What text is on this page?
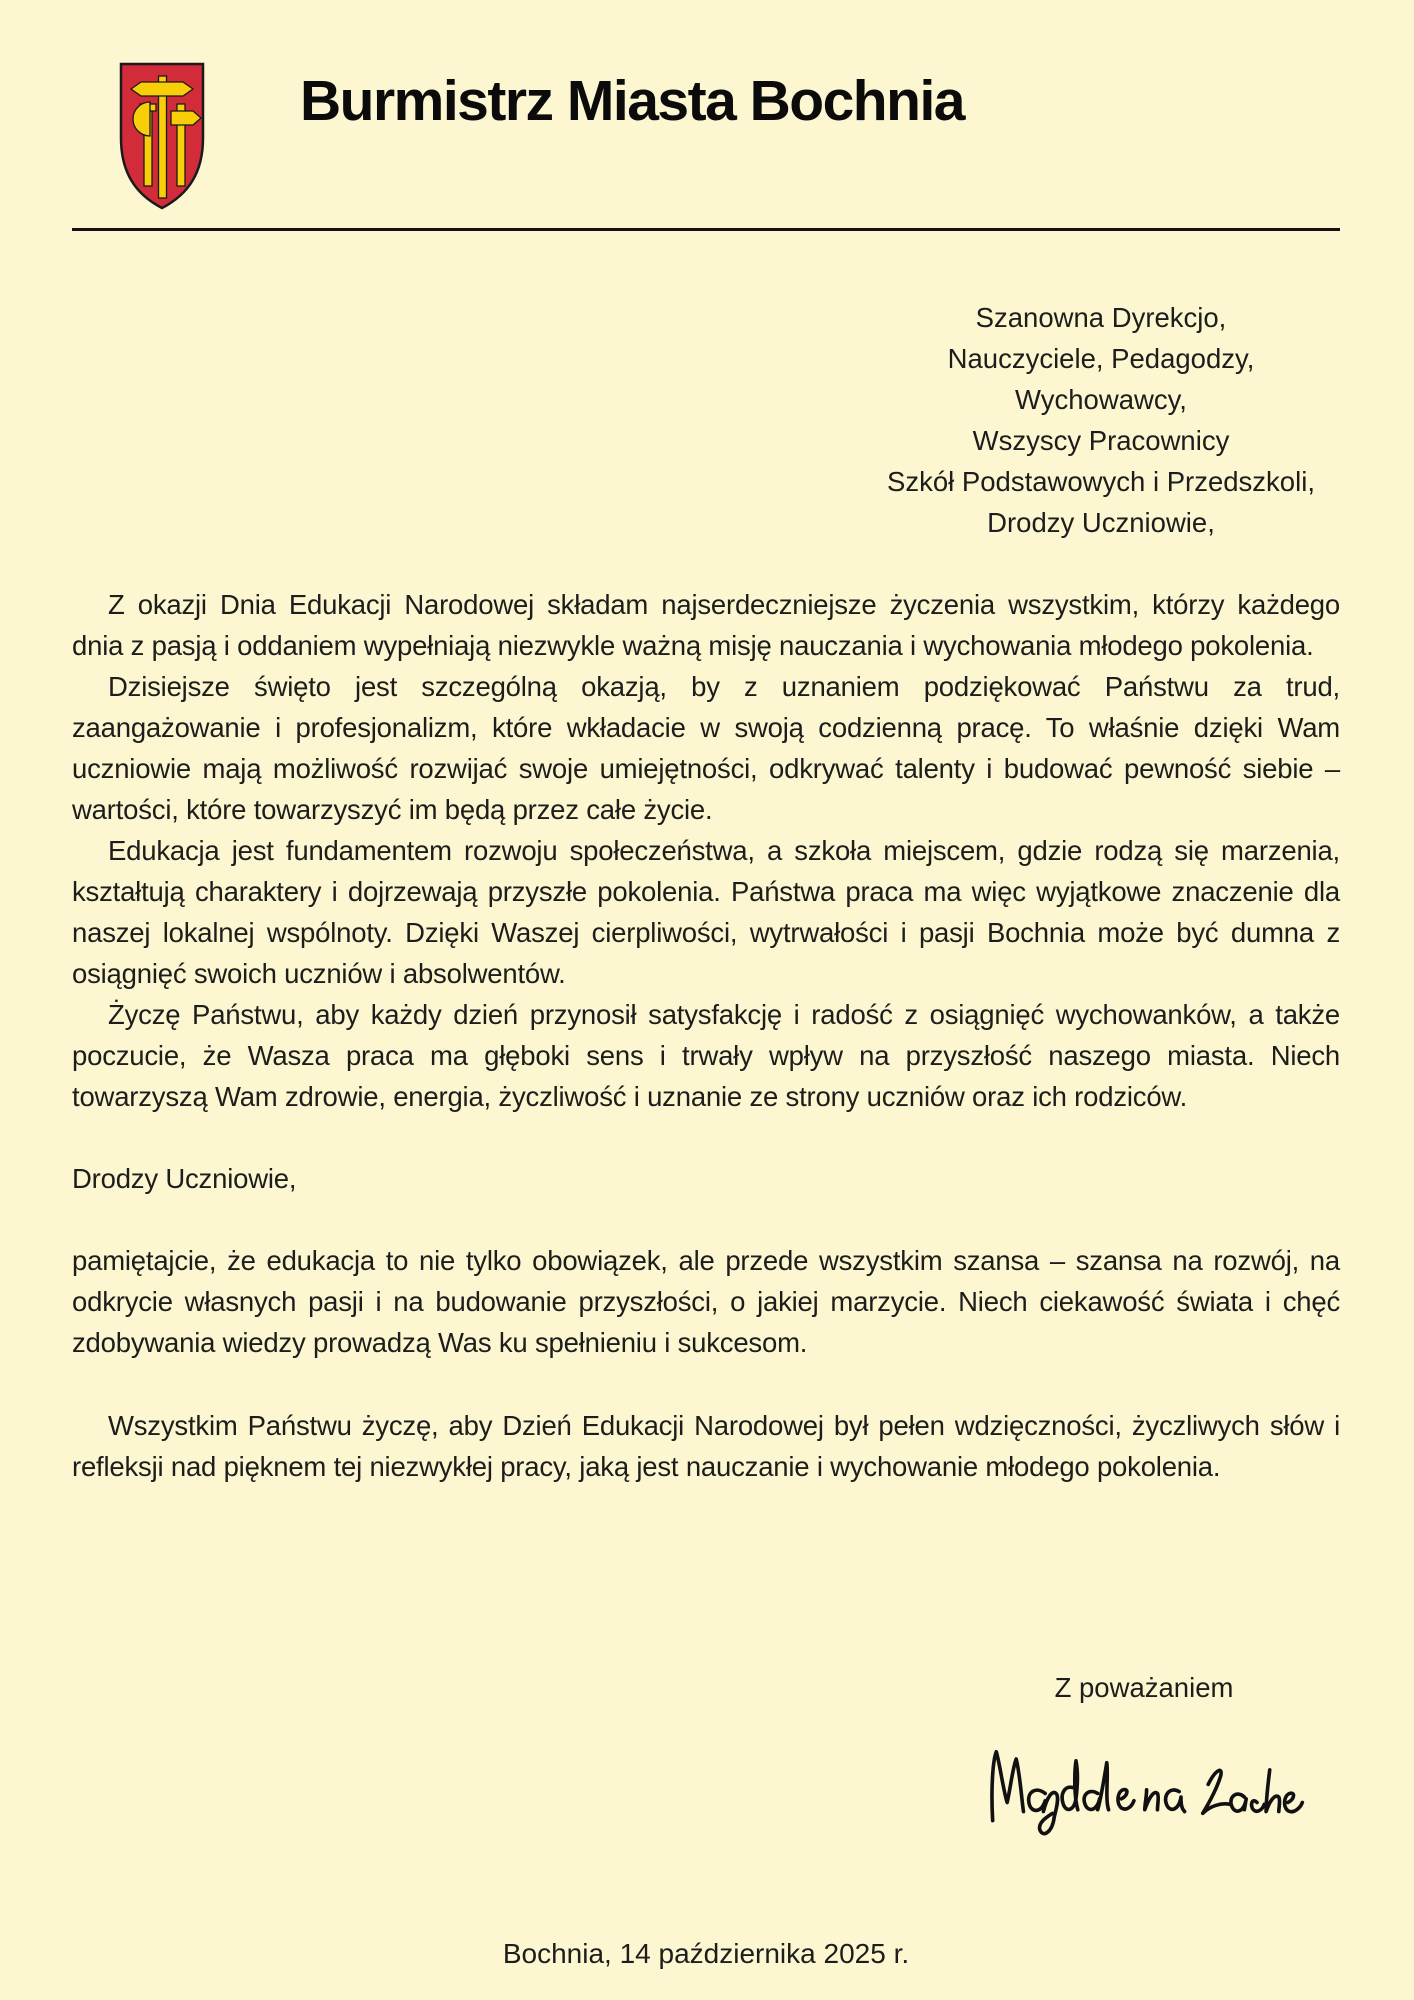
Burmistrz Miasta Bochnia
Szanowna Dyrekcjo,
Nauczyciele, Pedagodzy,
Wychowawcy,
Wszyscy Pracownicy
Szkół Podstawowych i Przedszkoli,
Drodzy Uczniowie,

Z okazji Dnia Edukacji Narodowej składam najserdeczniejsze życzenia wszystkim, którzy każdego dnia z pasją i oddaniem wypełniają niezwykle ważną misję nauczania i wychowania młodego pokolenia.

Dzisiejsze święto jest szczególną okazją, by z uznaniem podziękować Państwu za trud, zaangażowanie i profesjonalizm, które wkładacie w swoją codzienną pracę. To właśnie dzięki Wam uczniowie mają możliwość rozwijać swoje umiejętności, odkrywać talenty i budować pewność siebie – wartości, które towarzyszyć im będą przez całe życie.

Edukacja jest fundamentem rozwoju społeczeństwa, a szkoła miejscem, gdzie rodzą się marzenia, kształtują charaktery i dojrzewają przyszłe pokolenia. Państwa praca ma więc wyjątkowe znaczenie dla naszej lokalnej wspólnoty. Dzięki Waszej cierpliwości, wytrwałości i pasji Bochnia może być dumna z osiągnięć swoich uczniów i absolwentów.

Życzę Państwu, aby każdy dzień przynosił satysfakcję i radość z osiągnięć wychowanków, a także poczucie, że Wasza praca ma głęboki sens i trwały wpływ na przyszłość naszego miasta. Niech towarzyszą Wam zdrowie, energia, życzliwość i uznanie ze strony uczniów oraz ich rodziców.

Drodzy Uczniowie,

pamiętajcie, że edukacja to nie tylko obowiązek, ale przede wszystkim szansa – szansa na rozwój, na odkrycie własnych pasji i na budowanie przyszłości, o jakiej marzycie. Niech ciekawość świata i chęć zdobywania wiedzy prowadzą Was ku spełnieniu i sukcesom.

Wszystkim Państwu życzę, aby Dzień Edukacji Narodowej był pełen wdzięczności, życzliwych słów i refleksji nad pięknem tej niezwykłej pracy, jaką jest nauczanie i wychowanie młodego pokolenia.

Z poważaniem
Bochnia, 14 października 2025 r.
